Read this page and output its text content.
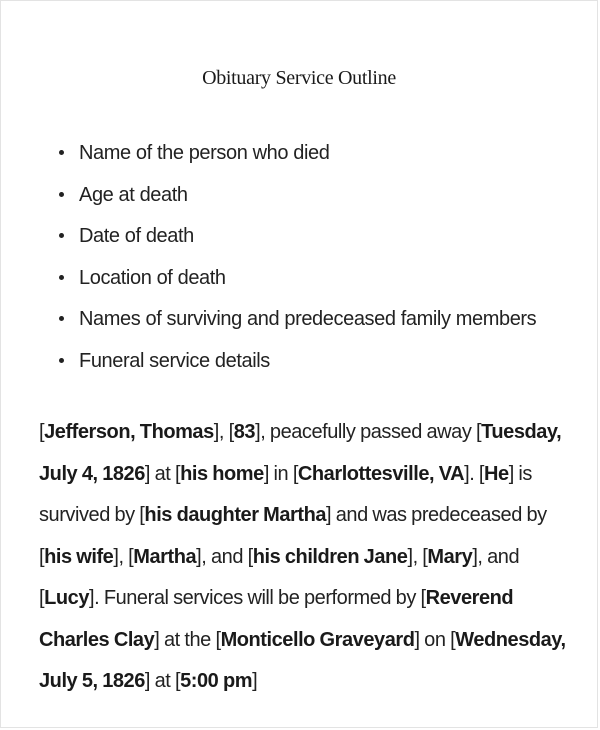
Obituary Service Outline
Name of the person who died
Age at death
Date of death
Location of death
Names of surviving and predeceased family members
Funeral service details
[Jefferson, Thomas], [83], peacefully passed away [Tuesday, July 4, 1826] at [his home] in [Charlottesville, VA]. [He] is survived by [his daughter Martha] and was predeceased by [his wife], [Martha], and [his children Jane], [Mary], and [Lucy]. Funeral services will be performed by [Reverend Charles Clay] at the [Monticello Graveyard] on [Wednesday, July 5, 1826] at [5:00 pm]
